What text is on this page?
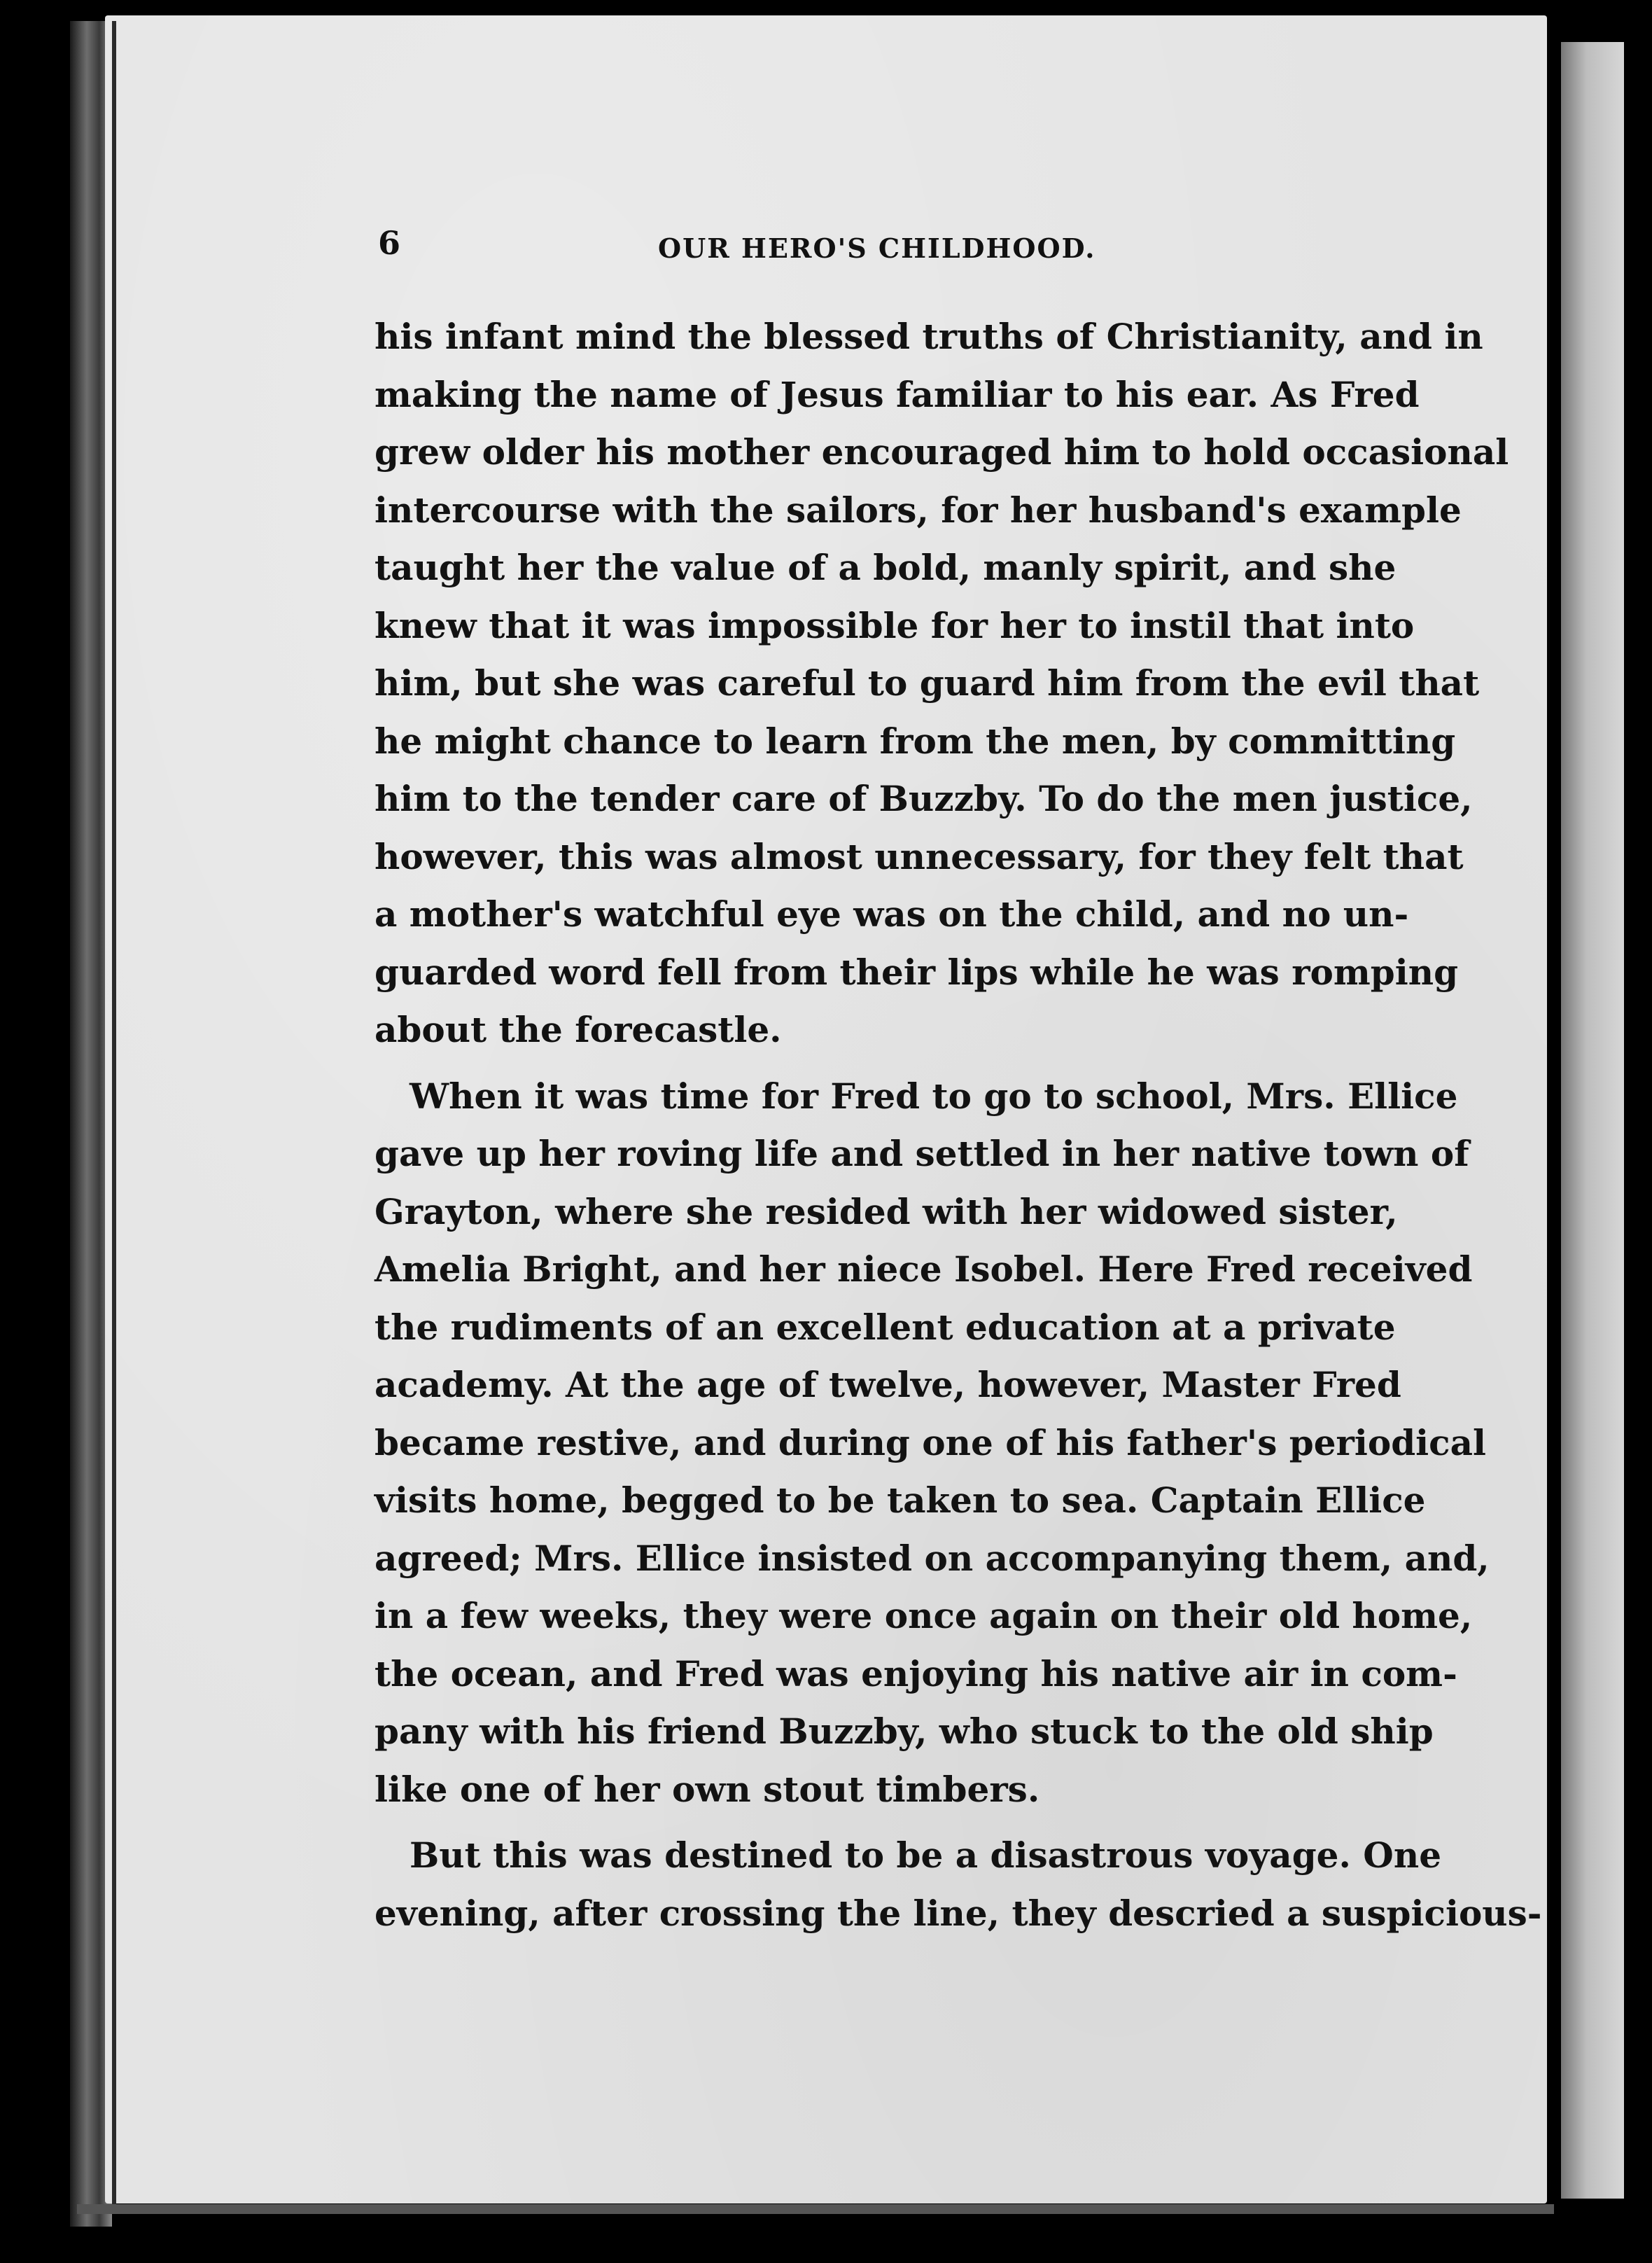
6	OUR HERO'S CHILDHOOD.
his infant mind the blessed truths of Christianity, and in
making the name of Jesus familiar to his ear. As Fred
grew older his mother encouraged him to hold occasional
intercourse with the sailors, for her husband's example
taught her the value of a bold, manly spirit, and she
knew that it was impossible for her to instil that into
him, but she was careful to guard him from the evil that
he might chance to learn from the men, by committing
him to the tender care of Buzzby. To do the men justice,
however, this was almost unnecessary, for they felt that
a mother's watchful eye was on the child, and no un-
guarded word fell from their lips while he was romping
about the forecastle.
When it was time for Fred to go to school, Mrs. Ellice
gave up her roving life and settled in her native town of
Grayton, where she resided with her widowed sister,
Amelia Bright, and her niece Isobel. Here Fred received
the rudiments of an excellent education at a private
academy. At the age of twelve, however, Master Fred
became restive, and during one of his father's periodical
visits home, begged to be taken to sea. Captain Ellice
agreed; Mrs. Ellice insisted on accompanying them, and,
in a few weeks, they were once again on their old home,
the ocean, and Fred was enjoying his native air in com-
pany with his friend Buzzby, who stuck to the old ship
like one of her own stout timbers.
But this was destined to be a disastrous voyage. One
evening, after crossing the line, they descried a suspicious-
